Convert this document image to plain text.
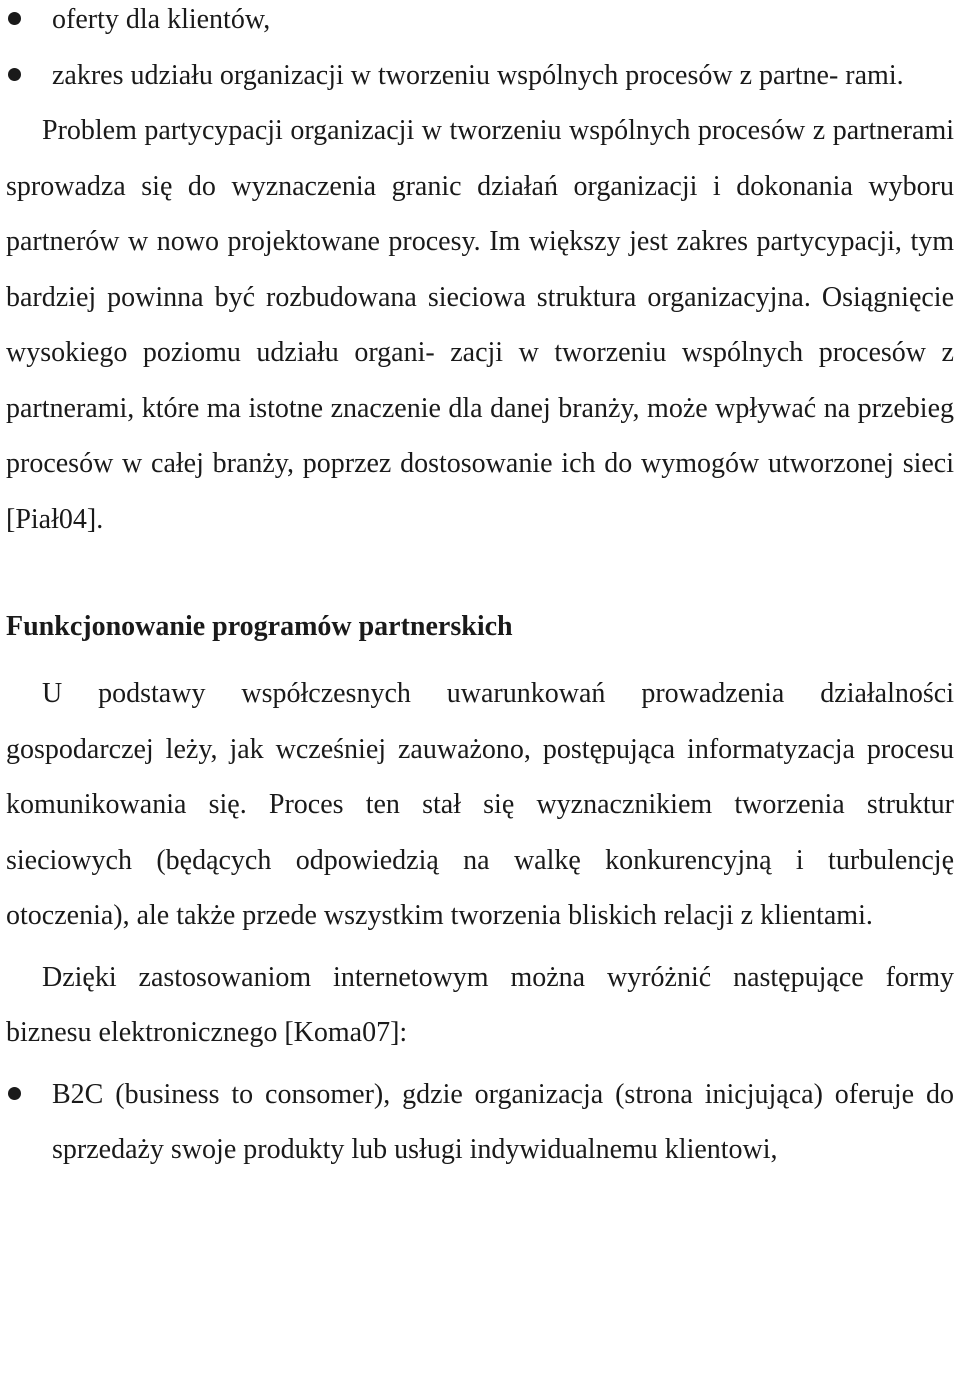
oferty dla klientów,
zakres udziału organizacji w tworzeniu wspólnych procesów z partne- rami.

Problem partycypacji organizacji w tworzeniu wspólnych procesów z partnerami sprowadza się do wyznaczenia granic działań organizacji i dokonania wyboru partnerów w nowo projektowane procesy. Im większy jest zakres partycypacji, tym bardziej powinna być rozbudowana sieciowa struktura organizacyjna. Osiągnięcie wysokiego poziomu udziału organi- zacji w tworzeniu wspólnych procesów z partnerami, które ma istotne znaczenie dla danej branży, może wpływać na przebieg procesów w całej branży, poprzez dostosowanie ich do wymogów utworzonej sieci [Piał04].

Funkcjonowanie programów partnerskich

U podstawy współczesnych uwarunkowań prowadzenia działalności gospodarczej leży, jak wcześniej zauważono, postępująca informatyzacja procesu komunikowania się. Proces ten stał się wyznacznikiem tworzenia struktur sieciowych (będących odpowiedzią na walkę konkurencyjną i turbulencję otoczenia), ale także przede wszystkim tworzenia bliskich relacji z klientami.

Dzięki zastosowaniom internetowym można wyróżnić następujące formy biznesu elektronicznego [Koma07]:

B2C (business to consomer), gdzie organizacja (strona inicjująca) oferuje do sprzedaży swoje produkty lub usługi indywidualnemu klientowi,
